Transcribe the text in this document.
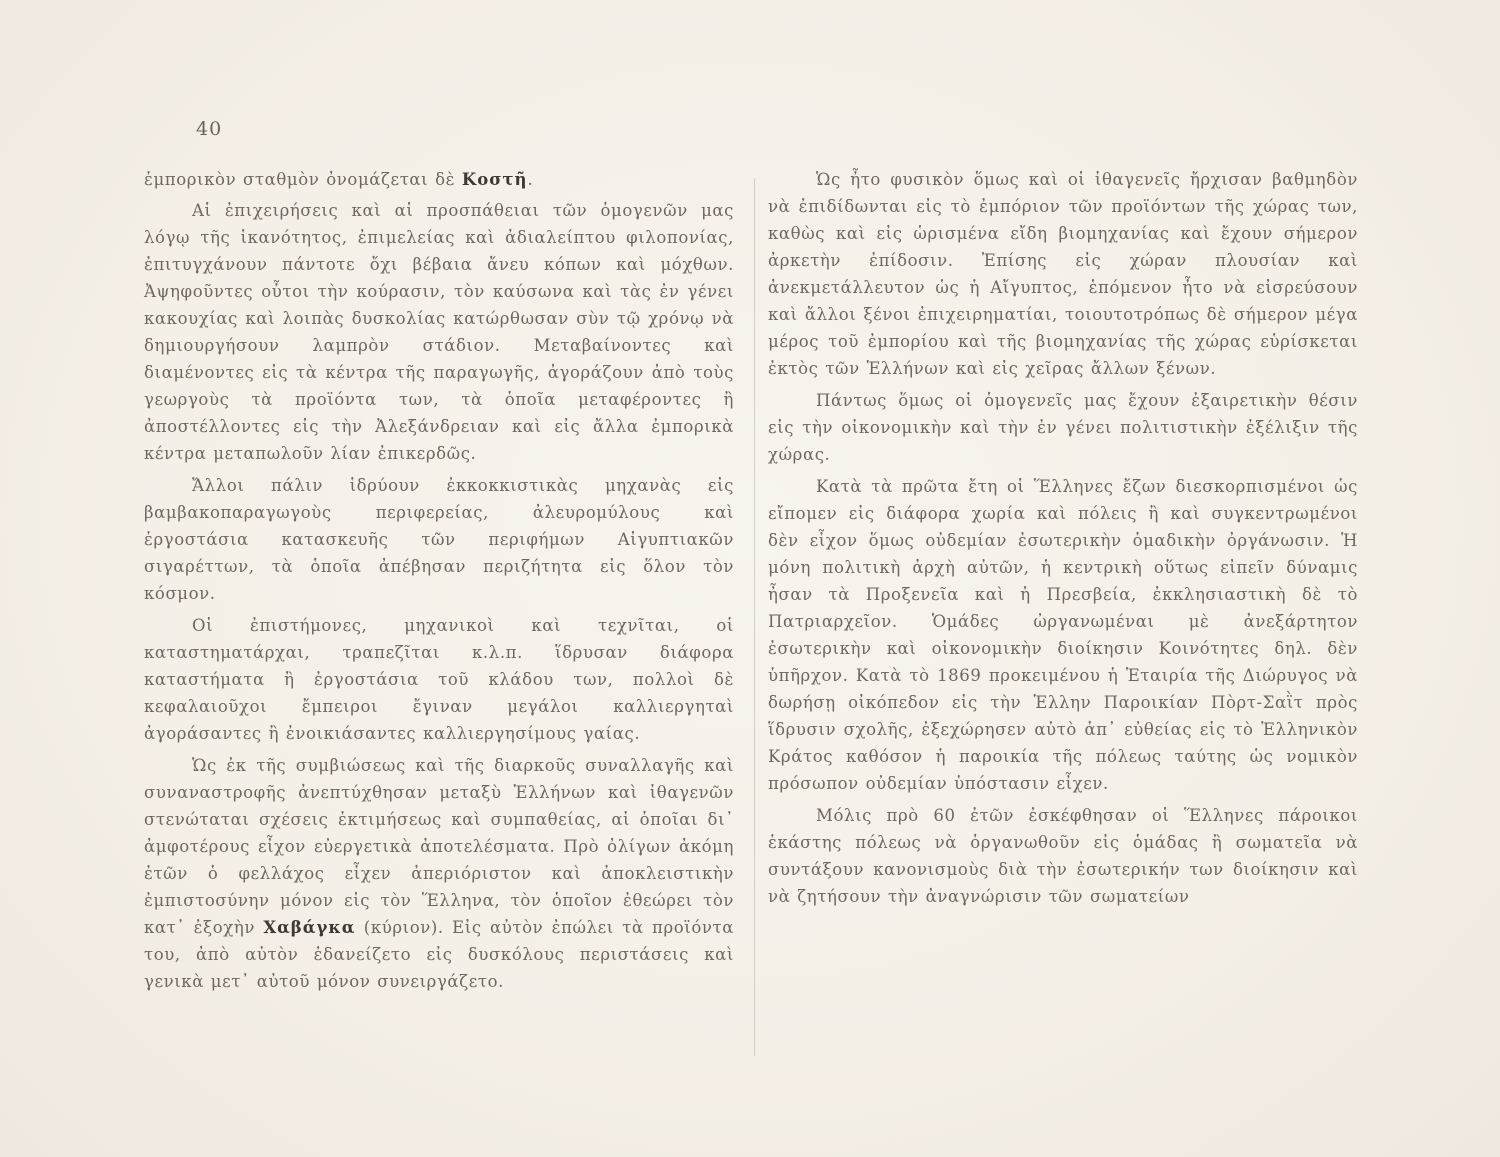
40

ἐμπορικὸν σταθμὸν ὀνομάζεται δὲ Κοστῆ.

Αἱ ἐπιχειρήσεις καὶ αἱ προσπάθειαι τῶν ὁμογενῶν μας λόγῳ τῆς ἱκανότητος, ἐπιμελείας καὶ ἀδιαλείπτου φιλοπονίας, ἐπιτυγχάνουν πάντοτε ὄχι βέβαια ἄνευ κόπων καὶ μόχθων. Ἀψηφοῦντες οὗτοι τὴν κούρασιν, τὸν καύσωνα καὶ τὰς ἐν γένει κακουχίας καὶ λοιπὰς δυσκολίας κατώρθωσαν σὺν τῷ χρόνῳ νὰ δημιουργήσουν λαμπρὸν στάδιον. Μεταβαίνοντες καὶ διαμένοντες εἰς τὰ κέντρα τῆς παραγωγῆς, ἀγοράζουν ἀπὸ τοὺς γεωργοὺς τὰ προϊόντα των, τὰ ὁποῖα μεταφέροντες ἢ ἀποστέλλοντες εἰς τὴν Ἀλεξάνδρειαν καὶ εἰς ἄλλα ἐμπορικὰ κέντρα μεταπωλοῦν λίαν ἐπικερδῶς.

Ἄλλοι πάλιν ἱδρύουν ἐκκοκκιστικὰς μηχανὰς εἰς βαμβακοπαραγωγοὺς περιφερείας, ἀλευρομύλους καὶ ἐργοστάσια κατασκευῆς τῶν περιφήμων Αἰγυπτιακῶν σιγαρέττων, τὰ ὁποῖα ἀπέβησαν περιζήτητα εἰς ὅλον τὸν κόσμον.

Οἱ ἐπιστήμονες, μηχανικοὶ καὶ τεχνῖται, οἱ καταστηματάρχαι, τραπεζῖται κ.λ.π. ἵδρυσαν διάφορα καταστήματα ἢ ἐργοστάσια τοῦ κλάδου των, πολλοὶ δὲ κεφαλαιοῦχοι ἔμπειροι ἔγιναν μεγάλοι καλλιεργηταὶ ἀγοράσαντες ἢ ἐνοικιάσαντες καλλιεργησίμους γαίας.

Ὡς ἐκ τῆς συμβιώσεως καὶ τῆς διαρκοῦς συναλλαγῆς καὶ συναναστροφῆς ἀνεπτύχθησαν μεταξὺ Ἑλλήνων καὶ ἰθαγενῶν στενώταται σχέσεις ἐκτιμήσεως καὶ συμπαθείας, αἱ ὁποῖαι δι᾽ ἀμφοτέρους εἶχον εὐεργετικὰ ἀποτελέσματα. Πρὸ ὀλίγων ἀκόμη ἐτῶν ὁ φελλάχος εἶχεν ἀπεριόριστον καὶ ἀποκλειστικὴν ἐμπιστοσύνην μόνον εἰς τὸν Ἕλληνα, τὸν ὁποῖον ἐθεώρει τὸν κατ᾽ ἐξοχὴν Χαβάγκα (κύριον). Εἰς αὐτὸν ἐπώλει τὰ προϊόντα του, ἀπὸ αὐτὸν ἐδανείζετο εἰς δυσκόλους περιστάσεις καὶ γενικὰ μετ᾽ αὐτοῦ μόνον συνειργάζετο.

Ὡς ἦτο φυσικὸν ὅμως καὶ οἱ ἰθαγενεῖς ἤρχισαν βαθμηδὸν νὰ ἐπιδίδωνται εἰς τὸ ἐμπόριον τῶν προϊόντων τῆς χώρας των, καθὼς καὶ εἰς ὡρισμένα εἴδη βιομηχανίας καὶ ἔχουν σήμερον ἀρκετὴν ἐπίδοσιν. Ἐπίσης εἰς χώραν πλουσίαν καὶ ἀνεκμετάλλευτον ὡς ἡ Αἴγυπτος, ἑπόμενον ἦτο νὰ εἰσρεύσουν καὶ ἄλλοι ξένοι ἐπιχειρηματίαι, τοιουτοτρόπως δὲ σήμερον μέγα μέρος τοῦ ἐμπορίου καὶ τῆς βιομηχανίας τῆς χώρας εὑρίσκεται ἐκτὸς τῶν Ἑλλήνων καὶ εἰς χεῖρας ἄλλων ξένων.

Πάντως ὅμως οἱ ὁμογενεῖς μας ἔχουν ἐξαιρετικὴν θέσιν εἰς τὴν οἰκονομικὴν καὶ τὴν ἐν γένει πολιτιστικὴν ἐξέλιξιν τῆς χώρας.

Κατὰ τὰ πρῶτα ἔτη οἱ Ἕλληνες ἔζων διεσκορπισμένοι ὡς εἴπομεν εἰς διάφορα χωρία καὶ πόλεις ἢ καὶ συγκεντρωμένοι δὲν εἶχον ὅμως οὐδεμίαν ἐσωτερικὴν ὁμαδικὴν ὀργάνωσιν. Ἡ μόνη πολιτικὴ ἀρχὴ αὐτῶν, ἡ κεντρικὴ οὕτως εἰπεῖν δύναμις ἦσαν τὰ Προξενεῖα καὶ ἡ Πρεσβεία, ἐκκλησιαστικὴ δὲ τὸ Πατριαρχεῖον. Ὁμάδες ὠργανωμέναι μὲ ἀνεξάρτητον ἐσωτερικὴν καὶ οἰκονομικὴν διοίκησιν Κοινότητες δηλ. δὲν ὑπῆρχον. Κατὰ τὸ 1869 προκειμένου ἡ Ἑταιρία τῆς Διώρυγος νὰ δωρήσῃ οἰκόπεδον εἰς τὴν Ἑλλην Παροικίαν Πὸρτ-Σαῒτ πρὸς ἵδρυσιν σχολῆς, ἐξεχώρησεν αὐτὸ ἀπ᾽ εὐθείας εἰς τὸ Ἑλληνικὸν Κράτος καθόσον ἡ παροικία τῆς πόλεως ταύτης ὡς νομικὸν πρόσωπον οὐδεμίαν ὑπόστασιν εἶχεν.

Μόλις πρὸ 60 ἐτῶν ἐσκέφθησαν οἱ Ἕλληνες πάροικοι ἑκάστης πόλεως νὰ ὀργανωθοῦν εἰς ὁμάδας ἢ σωματεῖα νὰ συντάξουν κανονισμοὺς διὰ τὴν ἐσωτερικήν των διοίκησιν καὶ νὰ ζητήσουν τὴν ἀναγνώρισιν τῶν σωματείων
